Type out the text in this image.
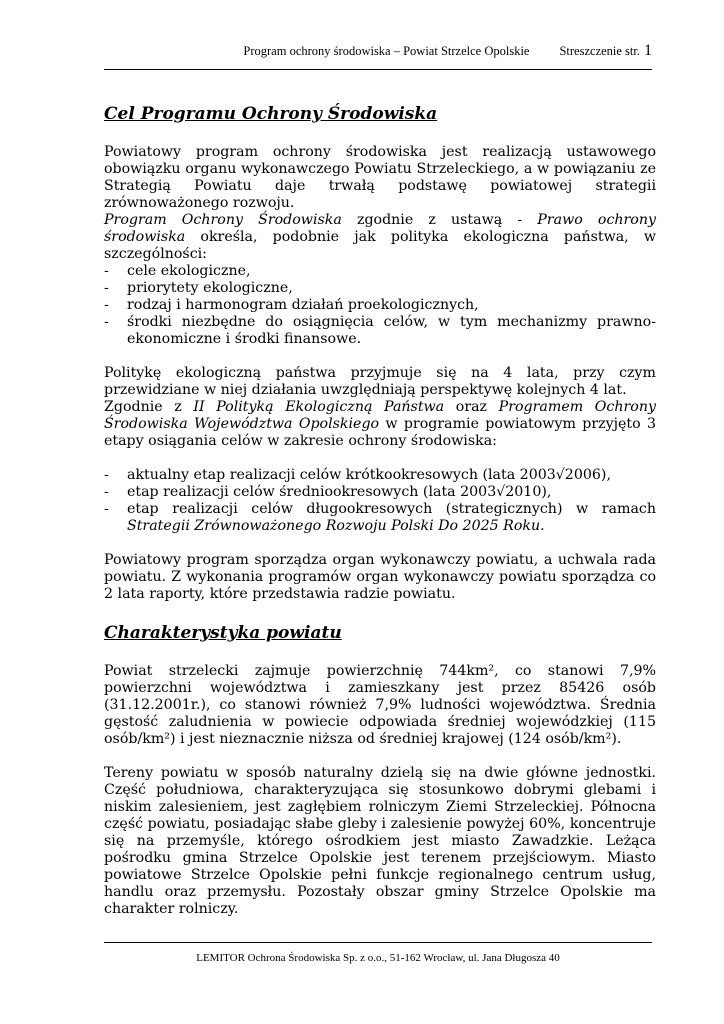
Program ochrony środowiska – Powiat Strzelce Opolskie Streszczenie str. 1
Cel Programu Ochrony Środowiska

Powiatowy program ochrony środowiska jest realizacją ustawowego obowiązku organu wykonawczego Powiatu Strzeleckiego, a w powiązaniu ze Strategią Powiatu daje trwałą podstawę powiatowej strategii zrównoważonego rozwoju.

Program Ochrony Środowiska zgodnie z ustawą - Prawo ochrony środowiska określa, podobnie jak polityka ekologiczna państwa, w szczególności:

- cele ekologiczne,
- priorytety ekologiczne,
- rodzaj i harmonogram działań proekologicznych,
- środki niezbędne do osiągnięcia celów, w tym mechanizmy prawno-ekonomiczne i środki finansowe.

Politykę ekologiczną państwa przyjmuje się na 4 lata, przy czym przewidziane w niej działania uwzględniają perspektywę kolejnych 4 lat.

Zgodnie z II Polityką Ekologiczną Państwa oraz Programem Ochrony Środowiska Województwa Opolskiego w programie powiatowym przyjęto 3 etapy osiągania celów w zakresie ochrony środowiska:

- aktualny etap realizacji celów krótkookresowych (lata 2003√2006),
- etap realizacji celów średniookresowych (lata 2003√2010),
- etap realizacji celów długookresowych (strategicznych) w ramach Strategii Zrównoważonego Rozwoju Polski Do 2025 Roku.

Powiatowy program sporządza organ wykonawczy powiatu, a uchwala rada powiatu. Z wykonania programów organ wykonawczy powiatu sporządza co 2 lata raporty, które przedstawia radzie powiatu.

Charakterystyka powiatu

Powiat strzelecki zajmuje powierzchnię 744km², co stanowi 7,9% powierzchni województwa i zamieszkany jest przez 85426 osób (31.12.2001r.), co stanowi również 7,9% ludności województwa. Średnia gęstość zaludnienia w powiecie odpowiada średniej wojewódzkiej (115 osób/km²) i jest nieznacznie niższa od średniej krajowej (124 osób/km²).

Tereny powiatu w sposób naturalny dzielą się na dwie główne jednostki. Część południowa, charakteryzująca się stosunkowo dobrymi glebami i niskim zalesieniem, jest zagłębiem rolniczym Ziemi Strzeleckiej. Północna część powiatu, posiadając słabe gleby i zalesienie powyżej 60%, koncentruje się na przemyśle, którego ośrodkiem jest miasto Zawadzkie. Leżąca pośrodku gmina Strzelce Opolskie jest terenem przejściowym. Miasto powiatowe Strzelce Opolskie pełni funkcje regionalnego centrum usług, handlu oraz przemysłu. Pozostały obszar gminy Strzelce Opolskie ma charakter rolniczy.

LEMITOR Ochrona Środowiska Sp. z o.o., 51-162 Wrocław, ul. Jana Długosza 40
